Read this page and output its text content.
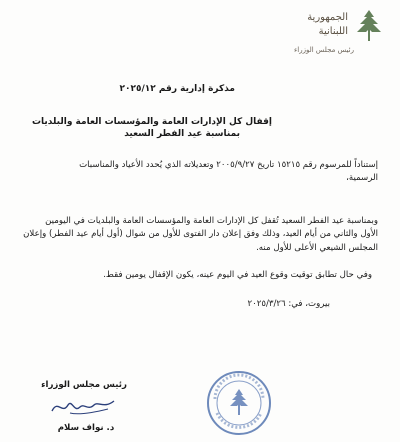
الجمهورية
اللبنانية
رئيس مجلس الوزراء
مذكرة إدارية رقم ٢٠٢٥/١٢
إقفال كل الإدارات العامة والمؤسسات العامة والبلديات
بمناسبة عيد الفطر السعيد
إستناداً للمرسوم رقم ١٥٢١٥ تاريخ ٢٠٠٥/٩/٢٧ وتعديلاته الذي يُحدد الأعياد والمناسبات
الرسمية،
وبمناسبة عيد الفطر السعيد تُقفل كل الإدارات العامة والمؤسسات العامة والبلديات في اليومين
الأول والثاني من أيام العيد، وذلك وفق إعلان دار الفتوى للأول من شوال (أول أيام عيد الفطر) وإعلان
المجلس الشيعي الأعلى للأول منه.
وفي حال تطابق توقيت وقوع العيد في اليوم عينه، يكون الإقفال يومين فقط.
بيروت، في: ٢٠٢٥/٣/٢٦
رئيس مجلس الوزراء
د. نواف سلام
